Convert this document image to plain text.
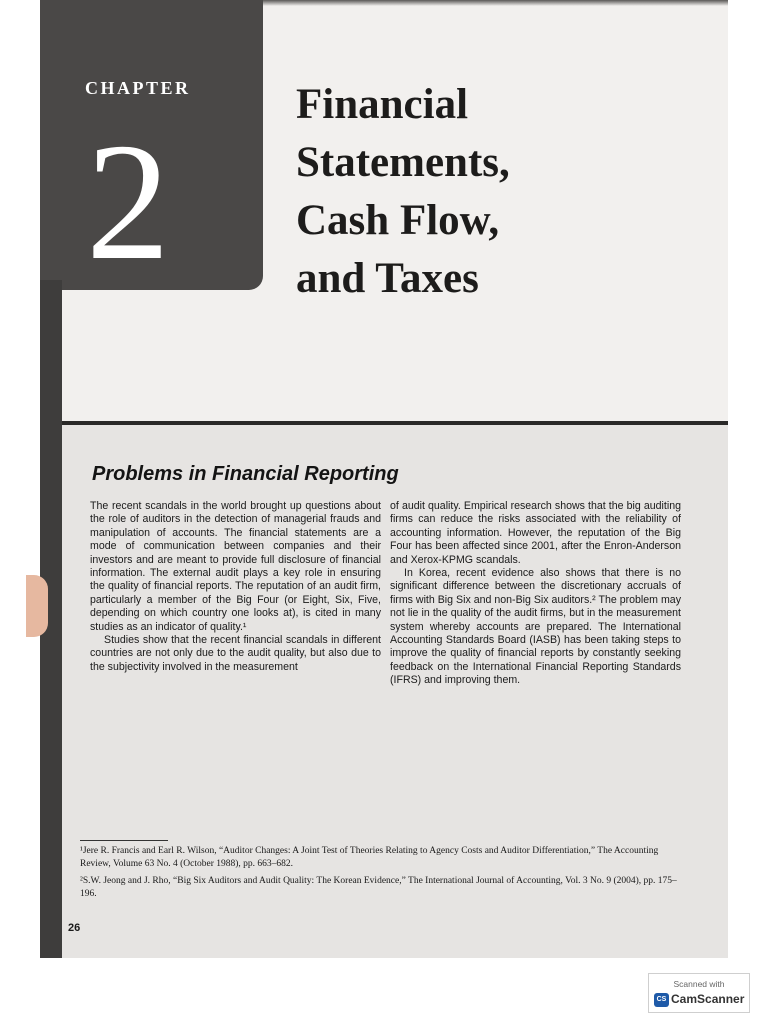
CHAPTER
2
Financial
Statements,
Cash Flow,
and Taxes
Problems in Financial Reporting

The recent scandals in the world brought up questions about the role of auditors in the detection of managerial frauds and manipulation of accounts. The financial statements are a mode of communication between companies and their investors and are meant to provide full disclosure of financial information. The external audit plays a key role in ensuring the quality of financial reports. The reputation of an audit firm, particularly a member of the Big Four (or Eight, Six, Five, depending on which country one looks at), is cited in many studies as an indicator of quality.¹

Studies show that the recent financial scandals in different countries are not only due to the audit quality, but also due to the subjectivity involved in the measurement

of audit quality. Empirical research shows that the big auditing firms can reduce the risks associated with the reliability of accounting information. However, the reputation of the Big Four has been affected since 2001, after the Enron-Anderson and Xerox-KPMG scandals.

In Korea, recent evidence also shows that there is no significant difference between the discretionary accruals of firms with Big Six and non-Big Six auditors.² The problem may not lie in the quality of the audit firms, but in the measurement system whereby accounts are prepared. The International Accounting Standards Board (IASB) has been taking steps to improve the quality of financial reports by constantly seeking feedback on the International Financial Reporting Standards (IFRS) and improving them.

¹Jere R. Francis and Earl R. Wilson, “Auditor Changes: A Joint Test of Theories Relating to Agency Costs and Auditor Differentiation,” The Accounting Review, Volume 63 No. 4 (October 1988), pp. 663–682.

²S.W. Jeong and J. Rho, “Big Six Auditors and Audit Quality: The Korean Evidence,” The International Journal of Accounting, Vol. 3 No. 9 (2004), pp. 175–196.

26
Scanned with
CS CamScanner
